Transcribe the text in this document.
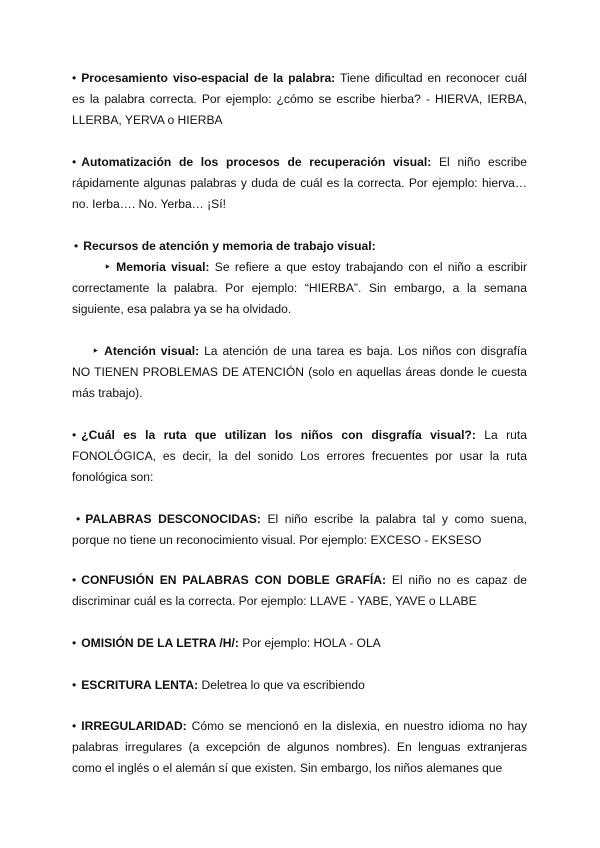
• Procesamiento viso-espacial de la palabra: Tiene dificultad en reconocer cuál es la palabra correcta. Por ejemplo: ¿cómo se escribe hierba? - HIERVA, IERBA, LLERBA, YERVA o HIERBA
• Automatización de los procesos de recuperación visual: El niño escribe rápidamente algunas palabras y duda de cuál es la correcta. Por ejemplo: hierva… no. Ierba…. No. Yerba… ¡Sí!
• Recursos de atención y memoria de trabajo visual:
‣ Memoria visual: Se refiere a que estoy trabajando con el niño a escribir correctamente la palabra. Por ejemplo: “HIERBA”. Sin embargo, a la semana siguiente, esa palabra ya se ha olvidado.
‣ Atención visual: La atención de una tarea es baja. Los niños con disgrafía NO TIENEN PROBLEMAS DE ATENCIÓN (solo en aquellas áreas donde le cuesta más trabajo).
• ¿Cuál es la ruta que utilizan los niños con disgrafía visual?: La ruta FONOLÓGICA, es decir, la del sonido Los errores frecuentes por usar la ruta fonológica son:
• PALABRAS DESCONOCIDAS: El niño escribe la palabra tal y como suena, porque no tiene un reconocimiento visual. Por ejemplo: EXCESO - EKSESO
• CONFUSIÓN EN PALABRAS CON DOBLE GRAFÍA: El niño no es capaz de discriminar cuál es la correcta. Por ejemplo: LLAVE - YABE, YAVE o LLABE
• OMISIÓN DE LA LETRA /H/: Por ejemplo: HOLA - OLA
• ESCRITURA LENTA: Deletrea lo que va escribiendo
• IRREGULARIDAD: Cómo se mencionó en la dislexia, en nuestro idioma no hay palabras irregulares (a excepción de algunos nombres). En lenguas extranjeras como el inglés o el alemán sí que existen. Sin embargo, los niños alemanes que
